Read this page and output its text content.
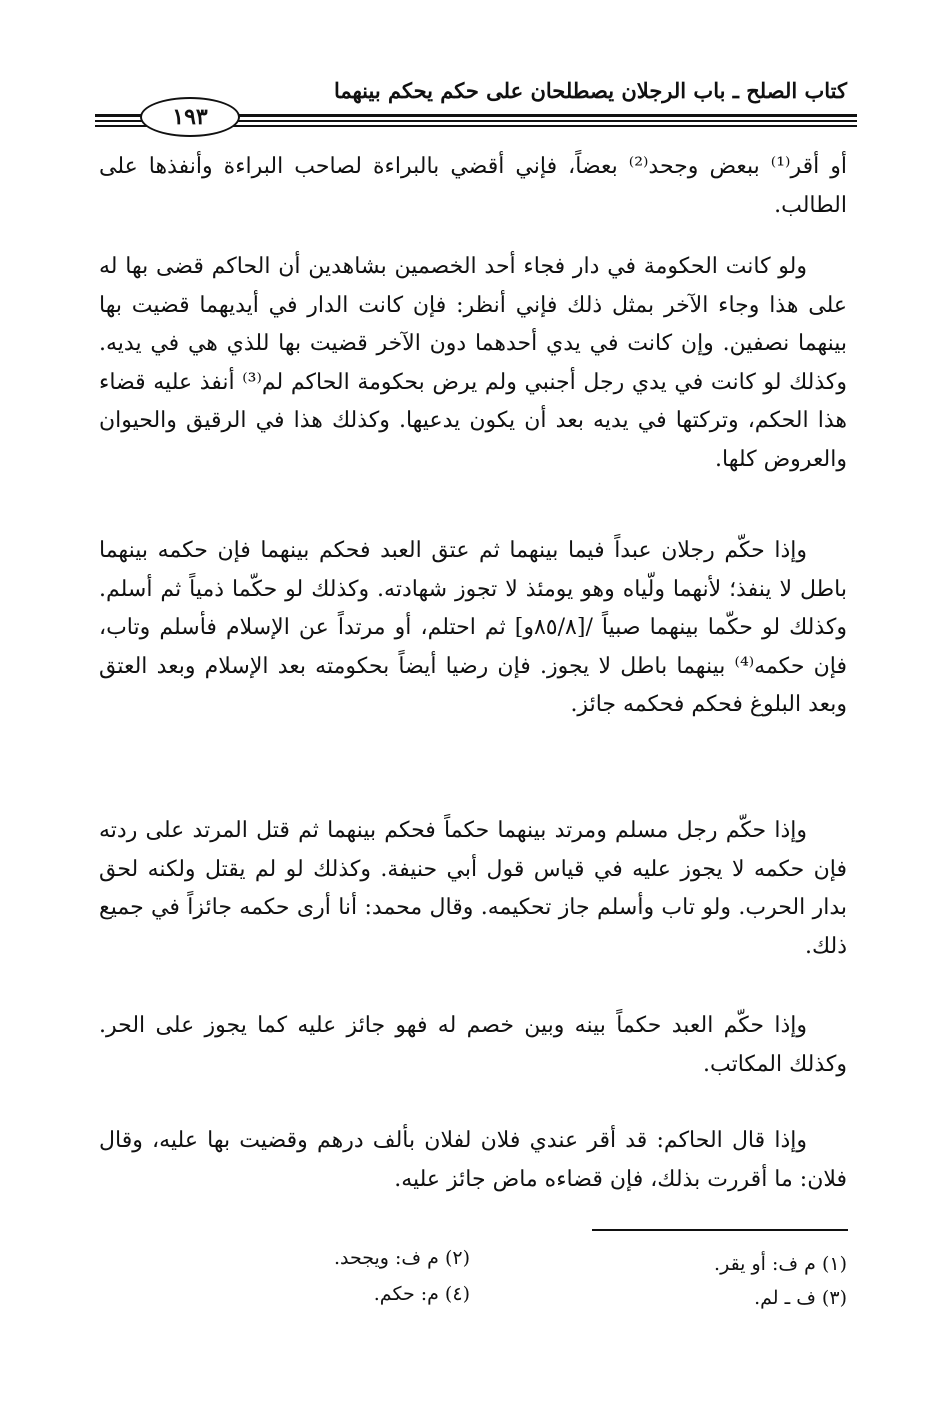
كتاب الصلح ـ باب الرجلان يصطلحان على حكم يحكم بينهما
١٩٣

أو أقر⁽¹⁾ ببعض وجحد⁽²⁾ بعضاً، فإني أقضي بالبراءة لصاحب البراءة وأنفذها على الطالب.

ولو كانت الحكومة في دار فجاء أحد الخصمين بشاهدين أن الحاكم قضى بها له على هذا وجاء الآخر بمثل ذلك فإني أنظر: فإن كانت الدار في أيديهما قضيت بها بينهما نصفين. وإن كانت في يدي أحدهما دون الآخر قضيت بها للذي هي في يديه. وكذلك لو كانت في يدي رجل أجنبي ولم يرض بحكومة الحاكم لم⁽³⁾ أنفذ عليه قضاء هذا الحكم، وتركتها في يديه بعد أن يكون يدعيها. وكذلك هذا في الرقيق والحيوان والعروض كلها.

وإذا حكّم رجلان عبداً فيما بينهما ثم عتق العبد فحكم بينهما فإن حكمه بينهما باطل لا ينفذ؛ لأنهما ولّياه وهو يومئذ لا تجوز شهادته. وكذلك لو حكّما ذمياً ثم أسلم. وكذلك لو حكّما بينهما صبياً /[٨٥/٨و] ثم احتلم، أو مرتداً عن الإسلام فأسلم وتاب، فإن حكمه⁽⁴⁾ بينهما باطل لا يجوز. فإن رضيا أيضاً بحكومته بعد الإسلام وبعد العتق وبعد البلوغ فحكم فحكمه جائز.

وإذا حكّم رجل مسلم ومرتد بينهما حكماً فحكم بينهما ثم قتل المرتد على ردته فإن حكمه لا يجوز عليه في قياس قول أبي حنيفة. وكذلك لو لم يقتل ولكنه لحق بدار الحرب. ولو تاب وأسلم جاز تحكيمه. وقال محمد: أنا أرى حكمه جائزاً في جميع ذلك.

وإذا حكّم العبد حكماً بينه وبين خصم له فهو جائز عليه كما يجوز على الحر. وكذلك المكاتب.

وإذا قال الحاكم: قد أقر عندي فلان لفلان بألف درهم وقضيت بها عليه، وقال فلان: ما أقررت بذلك، فإن قضاءه ماض جائز عليه.

(١) م ف: أو يقر.
(٢) م ف: ويجحد.
(٣) ف ـ لم.
(٤) م: حكم.
